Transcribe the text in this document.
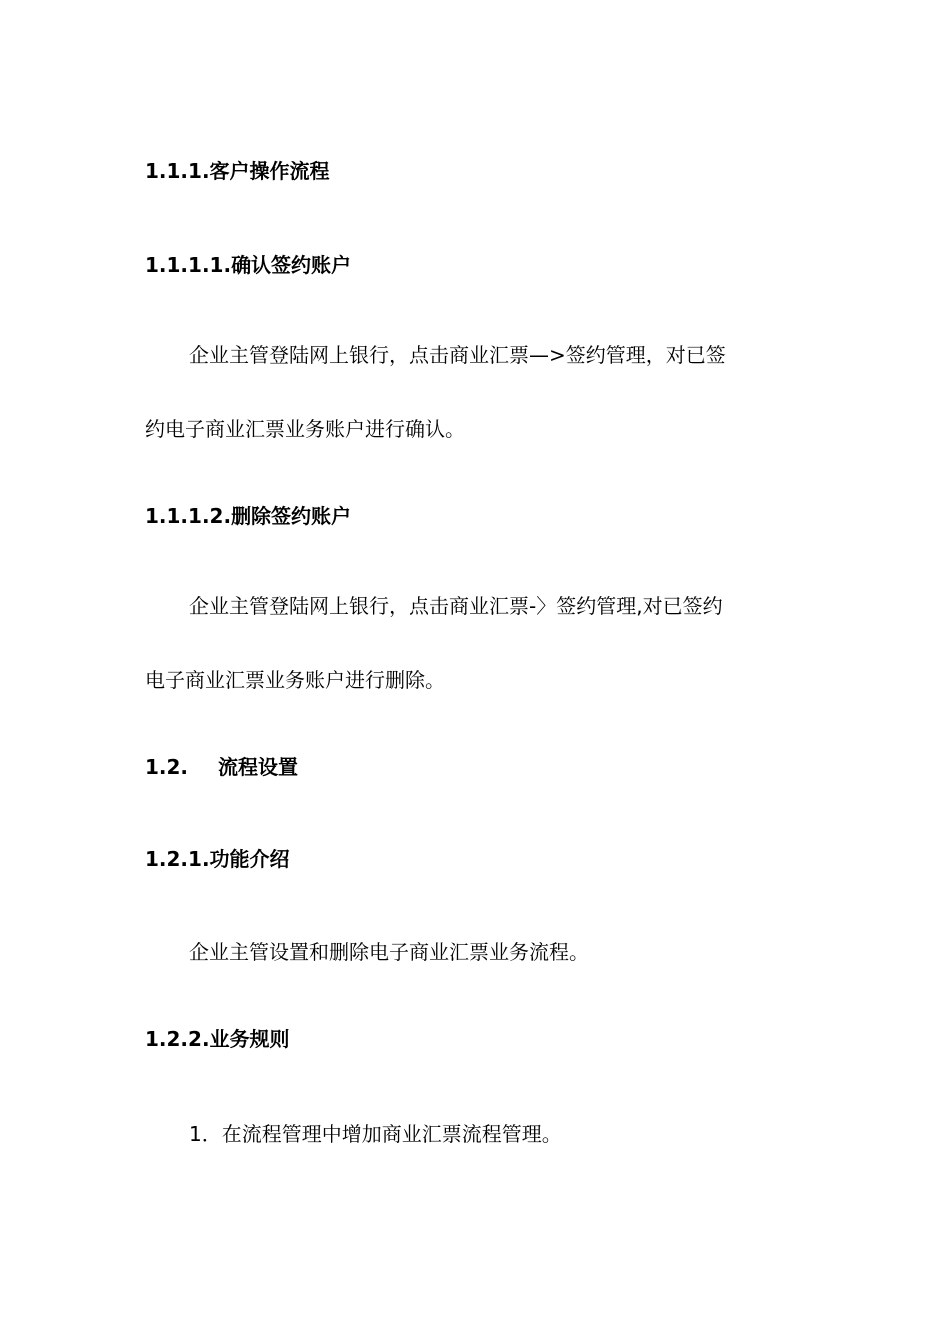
1.1.1.客户操作流程
1.1.1.1.确认签约账户
企业主管登陆网上银行，点击商业汇票—>签约管理，对已签
约电子商业汇票业务账户进行确认。
1.1.1.2.删除签约账户
企业主管登陆网上银行，点击商业汇票-〉签约管理,对已签约
电子商业汇票业务账户进行删除。
1.2. 流程设置
1.2.1.功能介绍
企业主管设置和删除电子商业汇票业务流程。
1.2.2.业务规则
1．在流程管理中增加商业汇票流程管理。
